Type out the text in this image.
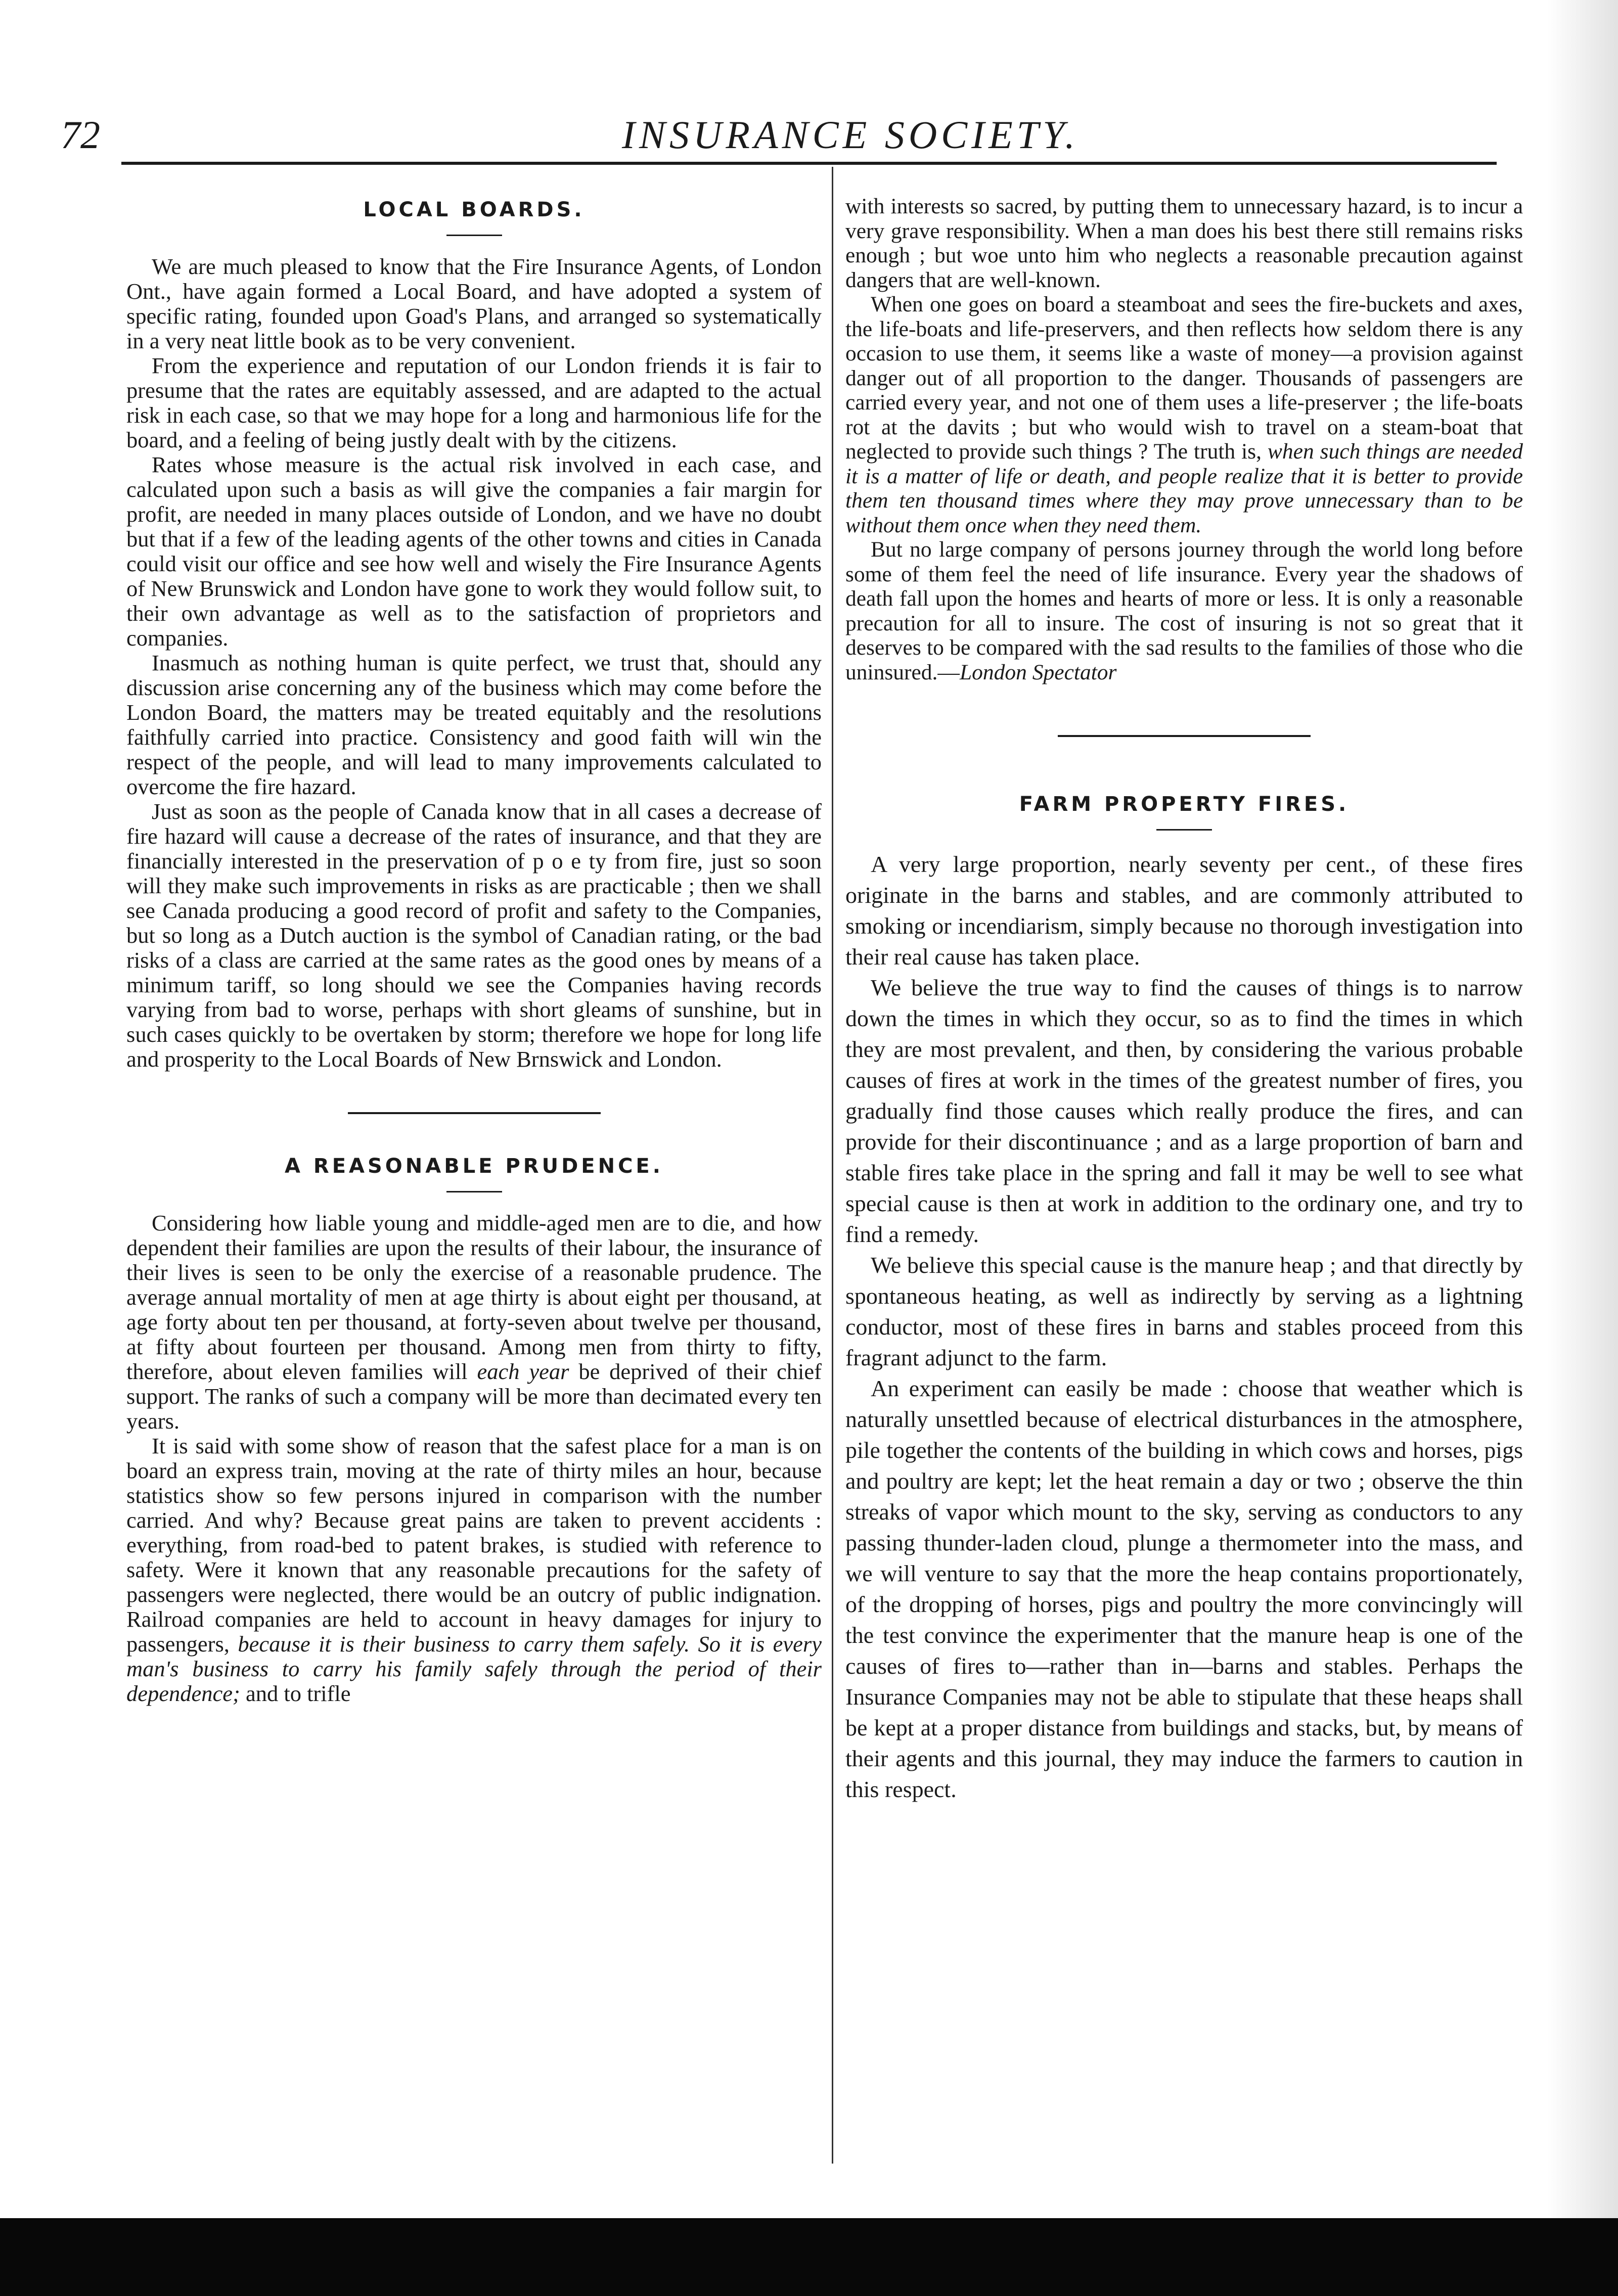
72	INSURANCE SOCIETY.
LOCAL BOARDS.

We are much pleased to know that the Fire Insurance Agents, of London Ont., have again formed a Local Board, and have adopted a system of specific rating, founded upon Goad's Plans, and arranged so systematically in a very neat little book as to be very convenient.

From the experience and reputation of our London friends it is fair to presume that the rates are equitably assessed, and are adapted to the actual risk in each case, so that we may hope for a long and harmonious life for the board, and a feeling of being justly dealt with by the citizens.

Rates whose measure is the actual risk involved in each case, and calculated upon such a basis as will give the companies a fair margin for profit, are needed in many places outside of London, and we have no doubt but that if a few of the leading agents of the other towns and cities in Canada could visit our office and see how well and wisely the Fire Insurance Agents of New Brunswick and London have gone to work they would follow suit, to their own advantage as well as to the satisfaction of proprietors and companies.

Inasmuch as nothing human is quite perfect, we trust that, should any discussion arise concerning any of the business which may come before the London Board, the matters may be treated equitably and the resolutions faithfully carried into practice. Consistency and good faith will win the respect of the people, and will lead to many improvements calculated to overcome the fire hazard.

Just as soon as the people of Canada know that in all cases a decrease of fire hazard will cause a decrease of the rates of insurance, and that they are financially interested in the preservation of p o e ty from fire, just so soon will they make such improvements in risks as are practicable ; then we shall see Canada producing a good record of profit and safety to the Companies, but so long as a Dutch auction is the symbol of Canadian rating, or the bad risks of a class are carried at the same rates as the good ones by means of a minimum tariff, so long should we see the Companies having records varying from bad to worse, perhaps with short gleams of sunshine, but in such cases quickly to be overtaken by storm; therefore we hope for long life and prosperity to the Local Boards of New Brnswick and London.

A REASONABLE PRUDENCE.

Considering how liable young and middle-aged men are to die, and how dependent their families are upon the results of their labour, the insurance of their lives is seen to be only the exercise of a reasonable prudence. The average annual mortality of men at age thirty is about eight per thousand, at age forty about ten per thousand, at forty-seven about twelve per thousand, at fifty about fourteen per thousand. Among men from thirty to fifty, therefore, about eleven families will each year be deprived of their chief support. The ranks of such a company will be more than decimated every ten years.

It is said with some show of reason that the safest place for a man is on board an express train, moving at the rate of thirty miles an hour, because statistics show so few persons injured in comparison with the number carried. And why? Because great pains are taken to prevent accidents : everything, from road-bed to patent brakes, is studied with reference to safety. Were it known that any reasonable precautions for the safety of passengers were neglected, there would be an outcry of public indignation. Railroad companies are held to account in heavy damages for injury to passengers, because it is their business to carry them safely. So it is every man's business to carry his family safely through the period of their dependence; and to trifle

with interests so sacred, by putting them to unnecessary hazard, is to incur a very grave responsibility. When a man does his best there still remains risks enough ; but woe unto him who neglects a reasonable precaution against dangers that are well-known.

When one goes on board a steamboat and sees the fire-buckets and axes, the life-boats and life-preservers, and then reflects how seldom there is any occasion to use them, it seems like a waste of money—a provision against danger out of all proportion to the danger. Thousands of passengers are carried every year, and not one of them uses a life-preserver ; the life-boats rot at the davits ; but who would wish to travel on a steam-boat that neglected to provide such things ? The truth is, when such things are needed it is a matter of life or death, and people realize that it is better to provide them ten thousand times where they may prove unnecessary than to be without them once when they need them.

But no large company of persons journey through the world long before some of them feel the need of life insurance. Every year the shadows of death fall upon the homes and hearts of more or less. It is only a reasonable precaution for all to insure. The cost of insuring is not so great that it deserves to be compared with the sad results to the families of those who die uninsured.—London Spectator

FARM PROPERTY FIRES.

A very large proportion, nearly seventy per cent., of these fires originate in the barns and stables, and are commonly attributed to smoking or incendiarism, simply because no thorough investigation into their real cause has taken place.

We believe the true way to find the causes of things is to narrow down the times in which they occur, so as to find the times in which they are most prevalent, and then, by considering the various probable causes of fires at work in the times of the greatest number of fires, you gradually find those causes which really produce the fires, and can provide for their discontinuance ; and as a large proportion of barn and stable fires take place in the spring and fall it may be well to see what special cause is then at work in addition to the ordinary one, and try to find a remedy.

We believe this special cause is the manure heap ; and that directly by spontaneous heating, as well as indirectly by serving as a lightning conductor, most of these fires in barns and stables proceed from this fragrant adjunct to the farm.

An experiment can easily be made : choose that weather which is naturally unsettled because of electrical disturbances in the atmosphere, pile together the contents of the building in which cows and horses, pigs and poultry are kept; let the heat remain a day or two ; observe the thin streaks of vapor which mount to the sky, serving as conductors to any passing thunder-laden cloud, plunge a thermometer into the mass, and we will venture to say that the more the heap contains proportionately, of the dropping of horses, pigs and poultry the more convincingly will the test convince the experimenter that the manure heap is one of the causes of fires to—rather than in—barns and stables. Perhaps the Insurance Companies may not be able to stipulate that these heaps shall be kept at a proper distance from buildings and stacks, but, by means of their agents and this journal, they may induce the farmers to caution in this respect.
